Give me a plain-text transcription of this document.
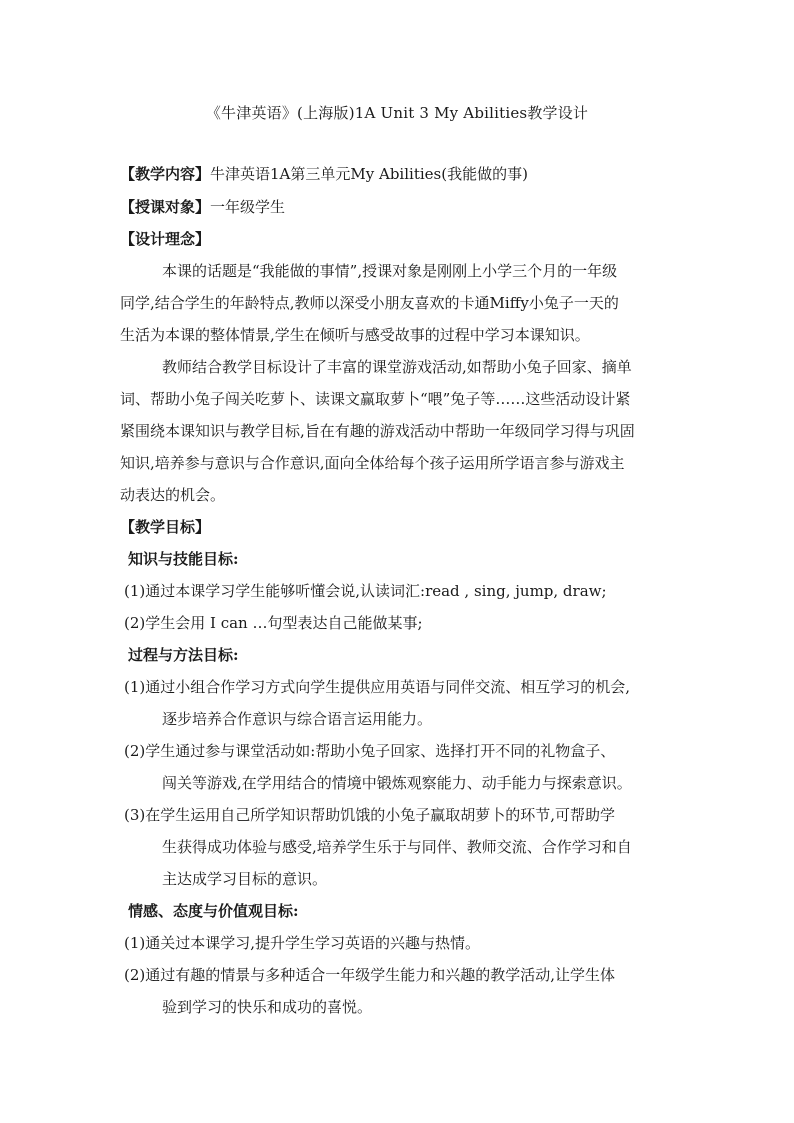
《牛津英语》(上海版)1A Unit 3 My Abilities教学设计
【教学内容】牛津英语1A第三单元My Abilities(我能做的事)
【授课对象】一年级学生
【设计理念】
本课的话题是“我能做的事情”,授课对象是刚刚上小学三个月的一年级
同学,结合学生的年龄特点,教师以深受小朋友喜欢的卡通Miffy小兔子一天的
生活为本课的整体情景,学生在倾听与感受故事的过程中学习本课知识。
教师结合教学目标设计了丰富的课堂游戏活动,如帮助小兔子回家、摘单
词、帮助小兔子闯关吃萝卜、读课文赢取萝卜“喂”兔子等……这些活动设计紧
紧围绕本课知识与教学目标,旨在有趣的游戏活动中帮助一年级同学习得与巩固
知识,培养参与意识与合作意识,面向全体给每个孩子运用所学语言参与游戏主
动表达的机会。
【教学目标】
知识与技能目标:
(1)通过本课学习学生能够听懂会说,认读词汇:read , sing, jump, draw;
(2)学生会用 I can …句型表达自己能做某事;
过程与方法目标:
(1)通过小组合作学习方式向学生提供应用英语与同伴交流、相互学习的机会,
逐步培养合作意识与综合语言运用能力。
(2)学生通过参与课堂活动如:帮助小兔子回家、选择打开不同的礼物盒子、
闯关等游戏,在学用结合的情境中锻炼观察能力、动手能力与探索意识。
(3)在学生运用自己所学知识帮助饥饿的小兔子赢取胡萝卜的环节,可帮助学
生获得成功体验与感受,培养学生乐于与同伴、教师交流、合作学习和自
主达成学习目标的意识。
情感、态度与价值观目标:
(1)通关过本课学习,提升学生学习英语的兴趣与热情。
(2)通过有趣的情景与多种适合一年级学生能力和兴趣的教学活动,让学生体
验到学习的快乐和成功的喜悦。
